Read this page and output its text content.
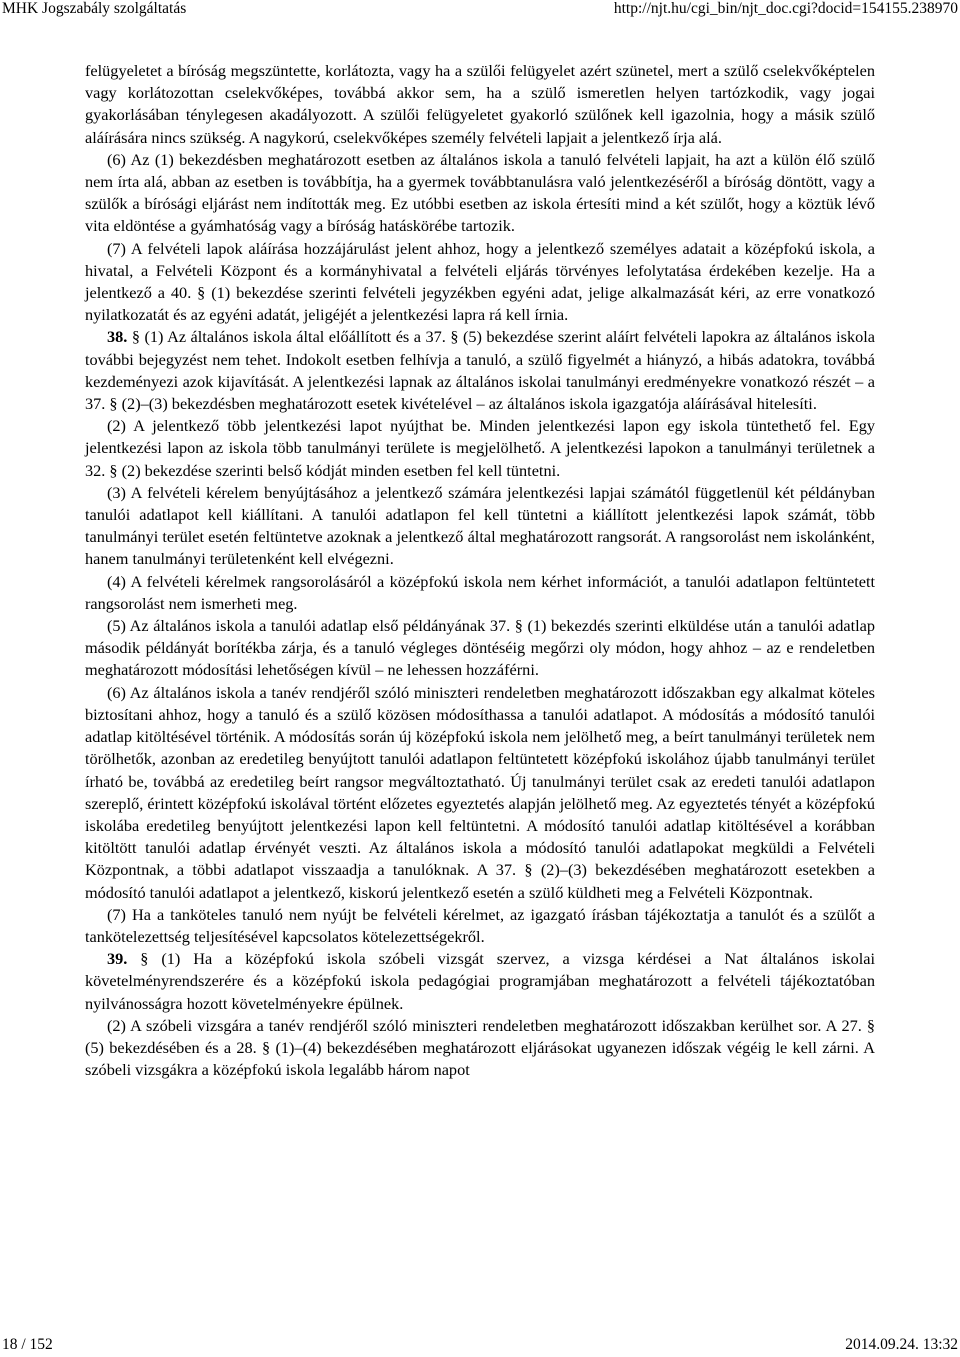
MHK Jogszabály szolgáltatás	http://njt.hu/cgi_bin/njt_doc.cgi?docid=154155.238970

felügyeletet a bíróság megszüntette, korlátozta, vagy ha a szülői felügyelet azért szünetel, mert a szülő cselekvőképtelen vagy korlátozottan cselekvőképes, továbbá akkor sem, ha a szülő ismeretlen helyen tartózkodik, vagy jogai gyakorlásában ténylegesen akadályozott. A szülői felügyeletet gyakorló szülőnek kell igazolnia, hogy a másik szülő aláírására nincs szükség. A nagykorú, cselekvőképes személy felvételi lapjait a jelentkező írja alá.

(6) Az (1) bekezdésben meghatározott esetben az általános iskola a tanuló felvételi lapjait, ha azt a külön élő szülő nem írta alá, abban az esetben is továbbítja, ha a gyermek továbbtanulásra való jelentkezéséről a bíróság döntött, vagy a szülők a bírósági eljárást nem indították meg. Ez utóbbi esetben az iskola értesíti mind a két szülőt, hogy a köztük lévő vita eldöntése a gyámhatóság vagy a bíróság hatáskörébe tartozik.

(7) A felvételi lapok aláírása hozzájárulást jelent ahhoz, hogy a jelentkező személyes adatait a középfokú iskola, a hivatal, a Felvételi Központ és a kormányhivatal a felvételi eljárás törvényes lefolytatása érdekében kezelje. Ha a jelentkező a 40. § (1) bekezdése szerinti felvételi jegyzékben egyéni adat, jelige alkalmazását kéri, az erre vonatkozó nyilatkozatát és az egyéni adatát, jeligéjét a jelentkezési lapra rá kell írnia.

38. § (1) Az általános iskola által előállított és a 37. § (5) bekezdése szerint aláírt felvételi lapokra az általános iskola további bejegyzést nem tehet. Indokolt esetben felhívja a tanuló, a szülő figyelmét a hiányzó, a hibás adatokra, továbbá kezdeményezi azok kijavítását. A jelentkezési lapnak az általános iskolai tanulmányi eredményekre vonatkozó részét – a 37. § (2)–(3) bekezdésben meghatározott esetek kivételével – az általános iskola igazgatója aláírásával hitelesíti.

(2) A jelentkező több jelentkezési lapot nyújthat be. Minden jelentkezési lapon egy iskola tüntethető fel. Egy jelentkezési lapon az iskola több tanulmányi területe is megjelölhető. A jelentkezési lapokon a tanulmányi területnek a 32. § (2) bekezdése szerinti belső kódját minden esetben fel kell tüntetni.

(3) A felvételi kérelem benyújtásához a jelentkező számára jelentkezési lapjai számától függetlenül két példányban tanulói adatlapot kell kiállítani. A tanulói adatlapon fel kell tüntetni a kiállított jelentkezési lapok számát, több tanulmányi terület esetén feltüntetve azoknak a jelentkező által meghatározott rangsorát. A rangsorolást nem iskolánként, hanem tanulmányi területenként kell elvégezni.

(4) A felvételi kérelmek rangsorolásáról a középfokú iskola nem kérhet információt, a tanulói adatlapon feltüntetett rangsorolást nem ismerheti meg.

(5) Az általános iskola a tanulói adatlap első példányának 37. § (1) bekezdés szerinti elküldése után a tanulói adatlap második példányát borítékba zárja, és a tanuló végleges döntéséig megőrzi oly módon, hogy ahhoz – az e rendeletben meghatározott módosítási lehetőségen kívül – ne lehessen hozzáférni.

(6) Az általános iskola a tanév rendjéről szóló miniszteri rendeletben meghatározott időszakban egy alkalmat köteles biztosítani ahhoz, hogy a tanuló és a szülő közösen módosíthassa a tanulói adatlapot. A módosítás a módosító tanulói adatlap kitöltésével történik. A módosítás során új középfokú iskola nem jelölhető meg, a beírt tanulmányi területek nem törölhetők, azonban az eredetileg benyújtott tanulói adatlapon feltüntetett középfokú iskolához újabb tanulmányi terület írható be, továbbá az eredetileg beírt rangsor megváltoztatható. Új tanulmányi terület csak az eredeti tanulói adatlapon szereplő, érintett középfokú iskolával történt előzetes egyeztetés alapján jelölhető meg. Az egyeztetés tényét a középfokú iskolába eredetileg benyújtott jelentkezési lapon kell feltüntetni. A módosító tanulói adatlap kitöltésével a korábban kitöltött tanulói adatlap érvényét veszti. Az általános iskola a módosító tanulói adatlapokat megküldi a Felvételi Központnak, a többi adatlapot visszaadja a tanulóknak. A 37. § (2)–(3) bekezdésében meghatározott esetekben a módosító tanulói adatlapot a jelentkező, kiskorú jelentkező esetén a szülő küldheti meg a Felvételi Központnak.

(7) Ha a tanköteles tanuló nem nyújt be felvételi kérelmet, az igazgató írásban tájékoztatja a tanulót és a szülőt a tankötelezettség teljesítésével kapcsolatos kötelezettségekről.

39. § (1) Ha a középfokú iskola szóbeli vizsgát szervez, a vizsga kérdései a Nat általános iskolai követelményrendszerére és a középfokú iskola pedagógiai programjában meghatározott a felvételi tájékoztatóban nyilvánosságra hozott követelményekre épülnek.

(2) A szóbeli vizsgára a tanév rendjéről szóló miniszteri rendeletben meghatározott időszakban kerülhet sor. A 27. § (5) bekezdésében és a 28. § (1)–(4) bekezdésében meghatározott eljárásokat ugyanezen időszak végéig le kell zárni. A szóbeli vizsgákra a középfokú iskola legalább három napot

18 / 152	2014.09.24. 13:32
